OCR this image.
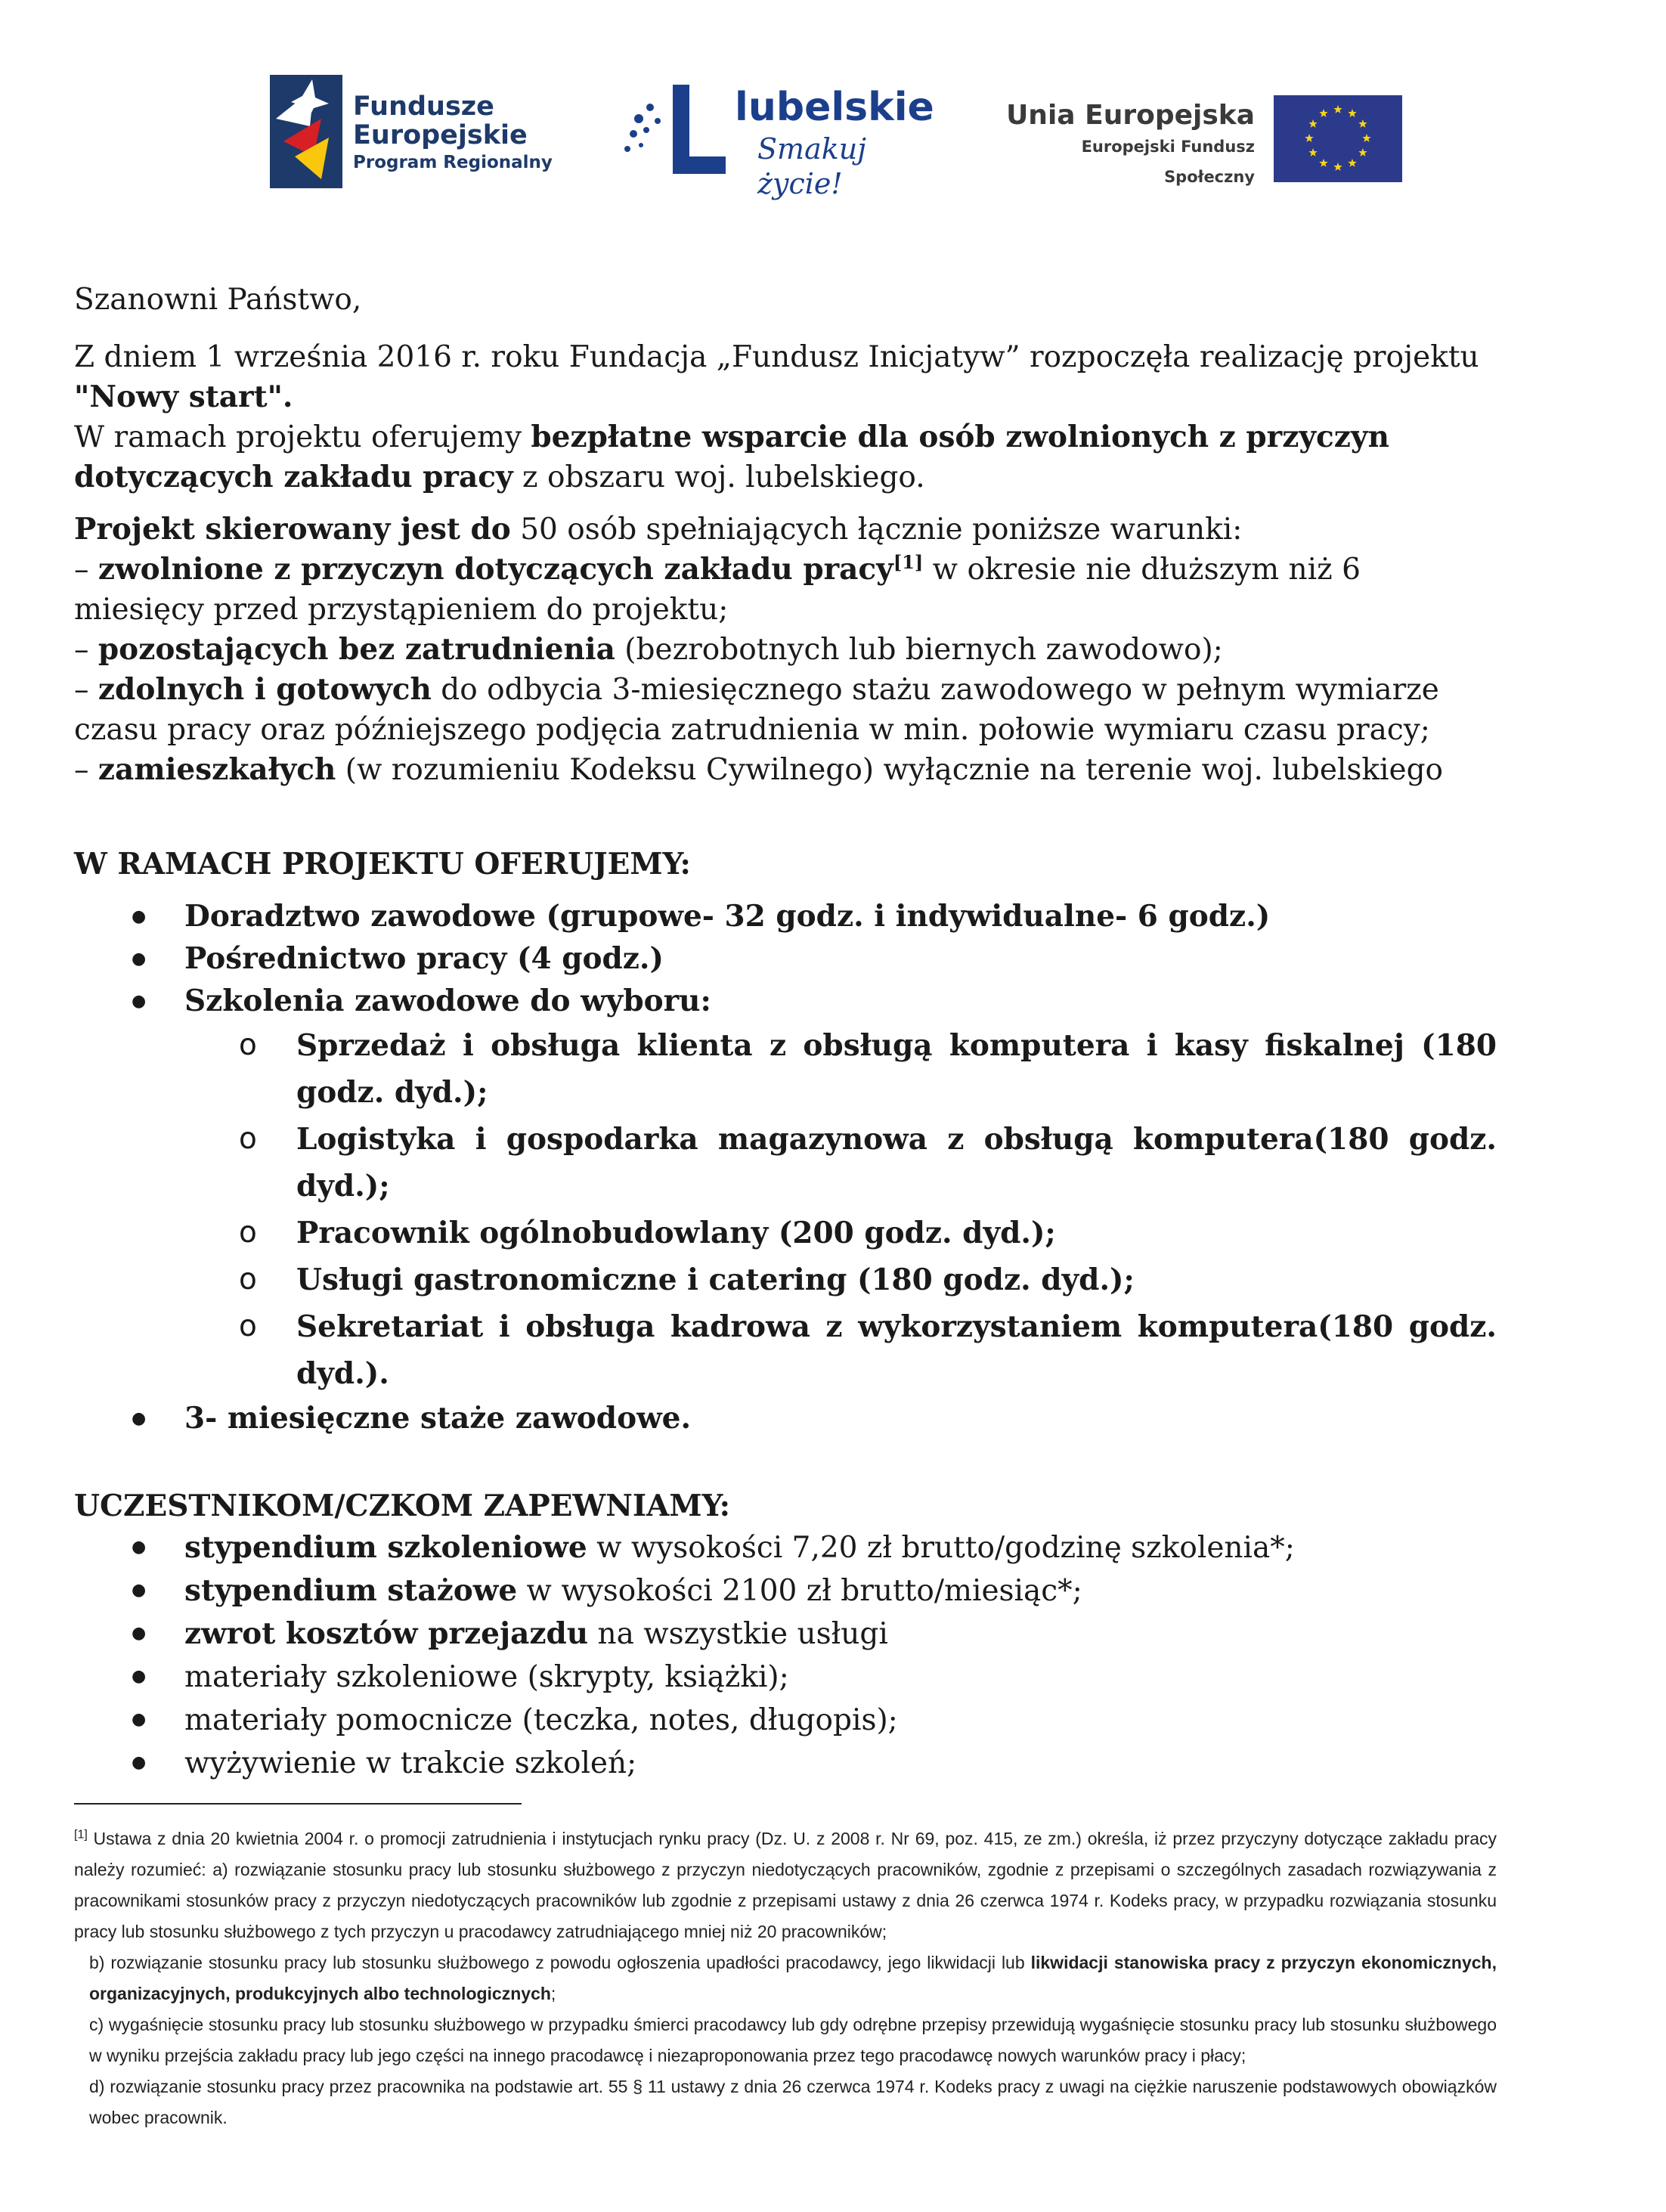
Fundusze
Europejskie
Program Regionalny
lubelskie
Smakuj życie!
Unia Europejska
Europejski Fundusz Społeczny

Szanowni Państwo,

Z dniem 1 września 2016 r. roku Fundacja „Fundusz Inicjatyw” rozpoczęła realizację projektu
"Nowy start".
W ramach projektu oferujemy bezpłatne wsparcie dla osób zwolnionych z przyczyn dotyczących zakładu pracy z obszaru woj. lubelskiego.

Projekt skierowany jest do 50 osób spełniających łącznie poniższe warunki:
– zwolnione z przyczyn dotyczących zakładu pracy[1] w okresie nie dłuższym niż 6 miesięcy przed przystąpieniem do projektu;
– pozostających bez zatrudnienia (bezrobotnych lub biernych zawodowo);
– zdolnych i gotowych do odbycia 3-miesięcznego stażu zawodowego w pełnym wymiarze czasu pracy oraz późniejszego podjęcia zatrudnienia w min. połowie wymiaru czasu pracy;
– zamieszkałych (w rozumieniu Kodeksu Cywilnego) wyłącznie na terenie woj. lubelskiego

W RAMACH PROJEKTU OFERUJEMY:

● Doradztwo zawodowe (grupowe- 32 godz. i indywidualne- 6 godz.)
● Pośrednictwo pracy (4 godz.)
● Szkolenia zawodowe do wyboru:
o Sprzedaż i obsługa klienta z obsługą komputera i kasy fiskalnej (180 godz. dyd.);
o Logistyka i gospodarka magazynowa z obsługą komputera(180 godz. dyd.);
o Pracownik ogólnobudowlany (200 godz. dyd.);
o Usługi gastronomiczne i catering (180 godz. dyd.);
o Sekretariat i obsługa kadrowa z wykorzystaniem komputera(180 godz. dyd.).
● 3- miesięczne staże zawodowe.

UCZESTNIKOM/CZKOM ZAPEWNIAMY:

● stypendium szkoleniowe w wysokości 7,20 zł brutto/godzinę szkolenia*;
● stypendium stażowe w wysokości 2100 zł brutto/miesiąc*;
● zwrot kosztów przejazdu na wszystkie usługi
● materiały szkoleniowe (skrypty, książki);
● materiały pomocnicze (teczka, notes, długopis);
● wyżywienie w trakcie szkoleń;

[1] Ustawa z dnia 20 kwietnia 2004 r. o promocji zatrudnienia i instytucjach rynku pracy (Dz. U. z 2008 r. Nr 69, poz. 415, ze zm.) określa, iż przez przyczyny dotyczące zakładu pracy należy rozumieć: a) rozwiązanie stosunku pracy lub stosunku służbowego z przyczyn niedotyczących pracowników, zgodnie z przepisami o szczególnych zasadach rozwiązywania z pracownikami stosunków pracy z przyczyn niedotyczących pracowników lub zgodnie z przepisami ustawy z dnia 26 czerwca 1974 r. Kodeks pracy, w przypadku rozwiązania stosunku pracy lub stosunku służbowego z tych przyczyn u pracodawcy zatrudniającego mniej niż 20 pracowników;

b) rozwiązanie stosunku pracy lub stosunku służbowego z powodu ogłoszenia upadłości pracodawcy, jego likwidacji lub likwidacji stanowiska pracy z przyczyn ekonomicznych, organizacyjnych, produkcyjnych albo technologicznych;

c) wygaśnięcie stosunku pracy lub stosunku służbowego w przypadku śmierci pracodawcy lub gdy odrębne przepisy przewidują wygaśnięcie stosunku pracy lub stosunku służbowego w wyniku przejścia zakładu pracy lub jego części na innego pracodawcę i niezaproponowania przez tego pracodawcę nowych warunków pracy i płacy;

d) rozwiązanie stosunku pracy przez pracownika na podstawie art. 55 § 11 ustawy z dnia 26 czerwca 1974 r. Kodeks pracy z uwagi na ciężkie naruszenie podstawowych obowiązków wobec pracownik.
